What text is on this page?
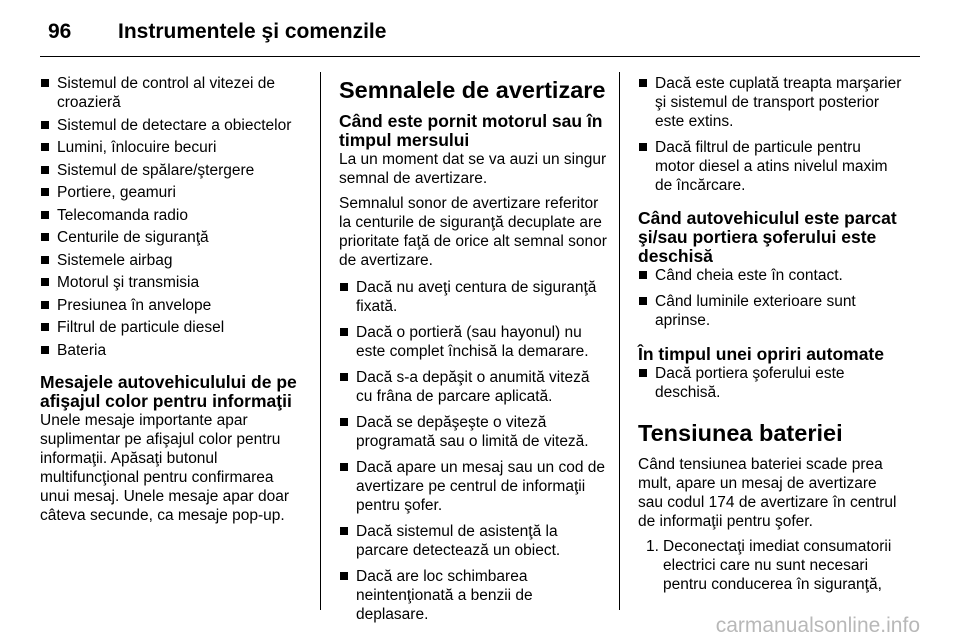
96 Instrumentele şi comenzile
Sistemul de control al vitezei de croazieră
Sistemul de detectare a obiectelor
Lumini, înlocuire becuri
Sistemul de spălare/ştergere
Portiere, geamuri
Telecomanda radio
Centurile de siguranţă
Sistemele airbag
Motorul şi transmisia
Presiunea în anvelope
Filtrul de particule diesel
Bateria
Mesajele autovehiculului de pe afişajul color pentru informaţii

Unele mesaje importante apar suplimentar pe afişajul color pentru informaţii. Apăsaţi butonul multifuncţional pentru confirmarea unui mesaj. Unele mesaje apar doar câteva secunde, ca mesaje pop-up.

Semnalele de avertizare
Când este pornit motorul sau în timpul mersului

La un moment dat se va auzi un singur semnal de avertizare.

Semnalul sonor de avertizare referitor la centurile de siguranţă decuplate are prioritate faţă de orice alt semnal sonor de avertizare.

Dacă nu aveţi centura de siguranţă fixată.
Dacă o portieră (sau hayonul) nu este complet închisă la demarare.
Dacă s-a depăşit o anumită viteză cu frâna de parcare aplicată.
Dacă se depăşeşte o viteză programată sau o limită de viteză.
Dacă apare un mesaj sau un cod de avertizare pe centrul de informaţii pentru şofer.
Dacă sistemul de asistenţă la parcare detectează un obiect.
Dacă are loc schimbarea neintenţionată a benzii de deplasare.
Dacă este cuplată treapta marşarier şi sistemul de transport posterior este extins.
Dacă filtrul de particule pentru motor diesel a atins nivelul maxim de încărcare.
Când autovehiculul este parcat şi/sau portiera şoferului este deschisă
Când cheia este în contact.
Când luminile exterioare sunt aprinse.
În timpul unei opriri automate
Dacă portiera şoferului este deschisă.
Tensiunea bateriei

Când tensiunea bateriei scade prea mult, apare un mesaj de avertizare sau codul 174 de avertizare în centrul de informaţii pentru şofer.

1. Deconectaţi imediat consumatorii electrici care nu sunt necesari pentru conducerea în siguranţă,
carmanualsonline.info
